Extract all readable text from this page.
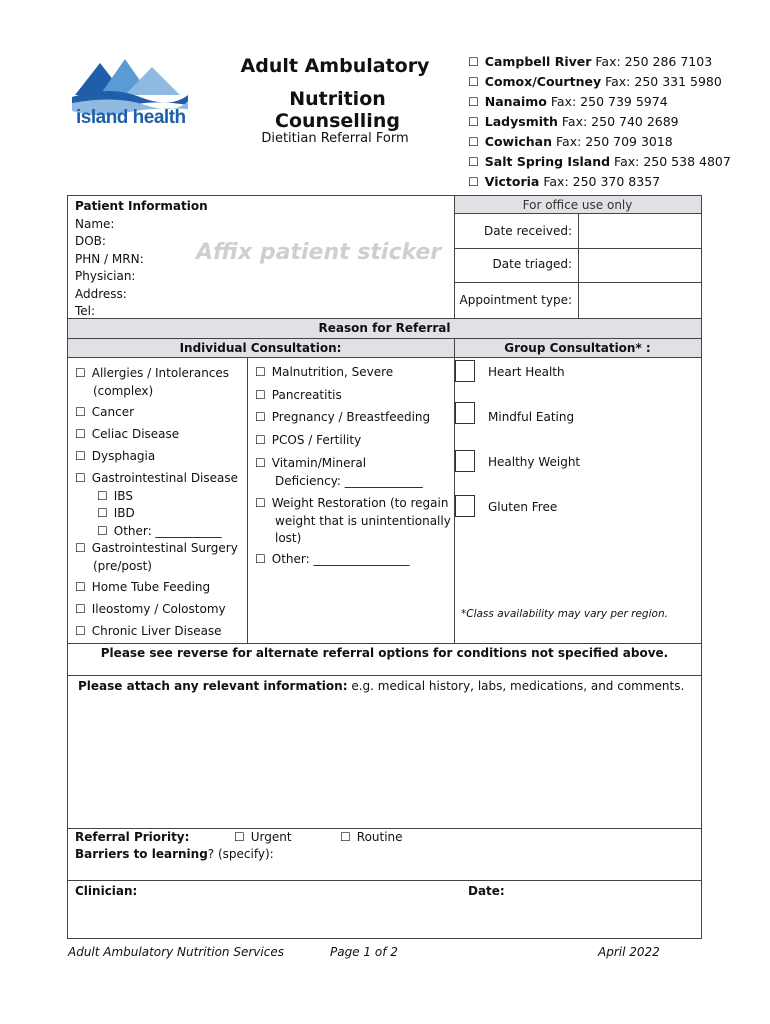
island health
Adult Ambulatory
Nutrition Counselling
Dietitian Referral Form
☐ Campbell River Fax: 250 286 7103
☐ Comox/Courtney Fax: 250 331 5980
☐ Nanaimo Fax: 250 739 5974
☐ Ladysmith Fax: 250 740 2689
☐ Cowichan Fax: 250 709 3018
☐ Salt Spring Island Fax: 250 538 4807
☐ Victoria Fax: 250 370 8357
Patient Information
Name:
DOB:
PHN / MRN:
Physician:
Address:
Tel:
Affix patient sticker
For office use only
Date received:
Date triaged:
Appointment type:
Reason for Referral
Individual Consultation:	Group Consultation* :
☐ Allergies / Intolerances
(complex)
☐ Cancer
☐ Celiac Disease
☐ Dysphagia
☐ Gastrointestinal Disease
☐ IBS
☐ IBD
☐ Other: ___________
☐ Gastrointestinal Surgery
(pre/post)
☐ Home Tube Feeding
☐ Ileostomy / Colostomy
☐ Chronic Liver Disease
☐ Malnutrition, Severe
☐ Pancreatitis
☐ Pregnancy / Breastfeeding
☐ PCOS / Fertility
☐ Vitamin/Mineral
Deficiency: _____________
☐ Weight Restoration (to regain
weight that is unintentionally
lost)
☐ Other: ________________
Heart Health
Mindful Eating
Healthy Weight
Gluten Free
*Class availability may vary per region.
Please see reverse for alternate referral options for conditions not specified above.
Please attach any relevant information: e.g. medical history, labs, medications, and comments.
Referral Priority:	☐ Urgent	☐ Routine
Barriers to learning? (specify):
Clinician:	Date:
Adult Ambulatory Nutrition Services	Page 1 of 2	April 2022
